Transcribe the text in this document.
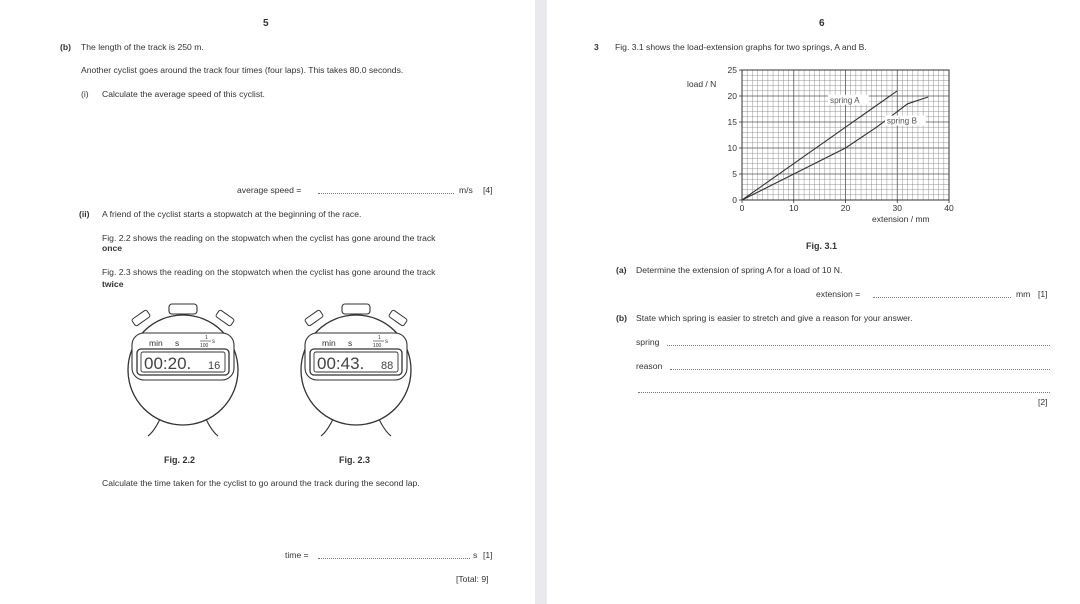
5
(b) The length of the track is 250 m.
Another cyclist goes around the track four times (four laps). This takes 80.0 seconds.
(i) Calculate the average speed of this cyclist.
average speed =	m/s [4]
(ii) A friend of the cyclist starts a stopwatch at the beginning of the race.
Fig. 2.2 shows the reading on the stopwatch when the cyclist has gone around the track
once
Fig. 2.3 shows the reading on the stopwatch when the cyclist has gone around the track
twice
min s	1
100
s
00:20. 16
min s	1
100
s
00:43. 88
Fig. 2.2	Fig. 2.3
Calculate the time taken for the cyclist to go around the track during the second lap.
time =	s [1]
[Total: 9]
6
3 Fig. 3.1 shows the load-extension graphs for two springs, A and B.
0	10	20	30	40
0
5
10
15
20
25
spring A
spring B
load / N
extension / mm
Fig. 3.1
(a) Determine the extension of spring A for a load of 10 N.
extension =	mm [1]
(b) State which spring is easier to stretch and give a reason for your answer.
spring
reason
[2]
